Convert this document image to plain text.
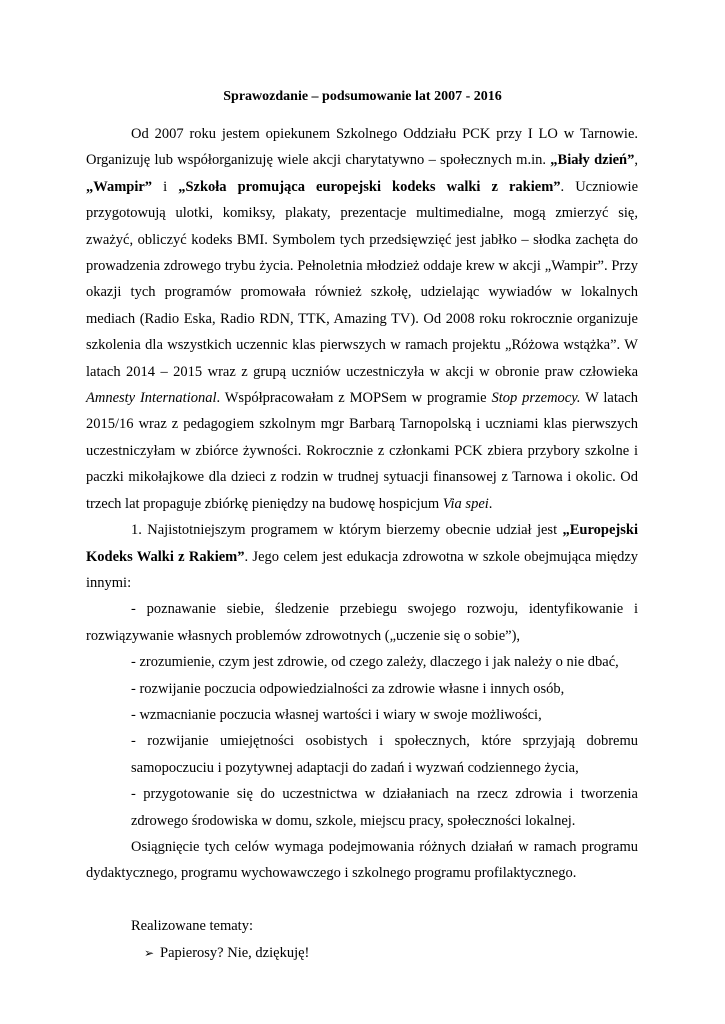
Sprawozdanie – podsumowanie lat 2007 - 2016

Od 2007 roku jestem opiekunem Szkolnego Oddziału PCK przy I LO w Tarnowie. Organizuję lub współorganizuję wiele akcji charytatywno – społecznych m.in. „Biały dzień”, „Wampir” i „Szkoła promująca europejski kodeks walki z rakiem”. Uczniowie przygotowują ulotki, komiksy, plakaty, prezentacje multimedialne, mogą zmierzyć się, zważyć, obliczyć kodeks BMI. Symbolem tych przedsięwzięć jest jabłko – słodka zachęta do prowadzenia zdrowego trybu życia. Pełnoletnia młodzież oddaje krew w akcji „Wampir”. Przy okazji tych programów promowała również szkołę, udzielając wywiadów w lokalnych mediach (Radio Eska, Radio RDN, TTK, Amazing TV). Od 2008 roku rokrocznie organizuje szkolenia dla wszystkich uczennic klas pierwszych w ramach projektu „Różowa wstążka”. W latach 2014 – 2015 wraz z grupą uczniów uczestniczyła w akcji w obronie praw człowieka Amnesty International. Współpracowałam z MOPSem w programie Stop przemocy. W latach 2015/16 wraz z pedagogiem szkolnym mgr Barbarą Tarnopolską i uczniami klas pierwszych uczestniczyłam w zbiórce żywności. Rokrocznie z członkami PCK zbiera przybory szkolne i paczki mikołajkowe dla dzieci z rodzin w trudnej sytuacji finansowej z Tarnowa i okolic. Od trzech lat propaguje zbiórkę pieniędzy na budowę hospicjum Via spei.

1. Najistotniejszym programem w którym bierzemy obecnie udział jest „Europejski Kodeks Walki z Rakiem”. Jego celem jest edukacja zdrowotna w szkole obejmująca między innymi:

- poznawanie siebie, śledzenie przebiegu swojego rozwoju, identyfikowanie i rozwiązywanie własnych problemów zdrowotnych („uczenie się o sobie”),

- zrozumienie, czym jest zdrowie, od czego zależy, dlaczego i jak należy o nie dbać,

- rozwijanie poczucia odpowiedzialności za zdrowie własne i innych osób,

- wzmacnianie poczucia własnej wartości i wiary w swoje możliwości,

- rozwijanie umiejętności osobistych i społecznych, które sprzyjają dobremu samopoczuciu i pozytywnej adaptacji do zadań i wyzwań codziennego życia,

- przygotowanie się do uczestnictwa w działaniach na rzecz zdrowia i tworzenia zdrowego środowiska w domu, szkole, miejscu pracy, społeczności lokalnej.

Osiągnięcie tych celów wymaga podejmowania różnych działań w ramach programu dydaktycznego, programu wychowawczego i szkolnego programu profilaktycznego.

Realizowane tematy:

➢ Papierosy? Nie, dziękuję!
